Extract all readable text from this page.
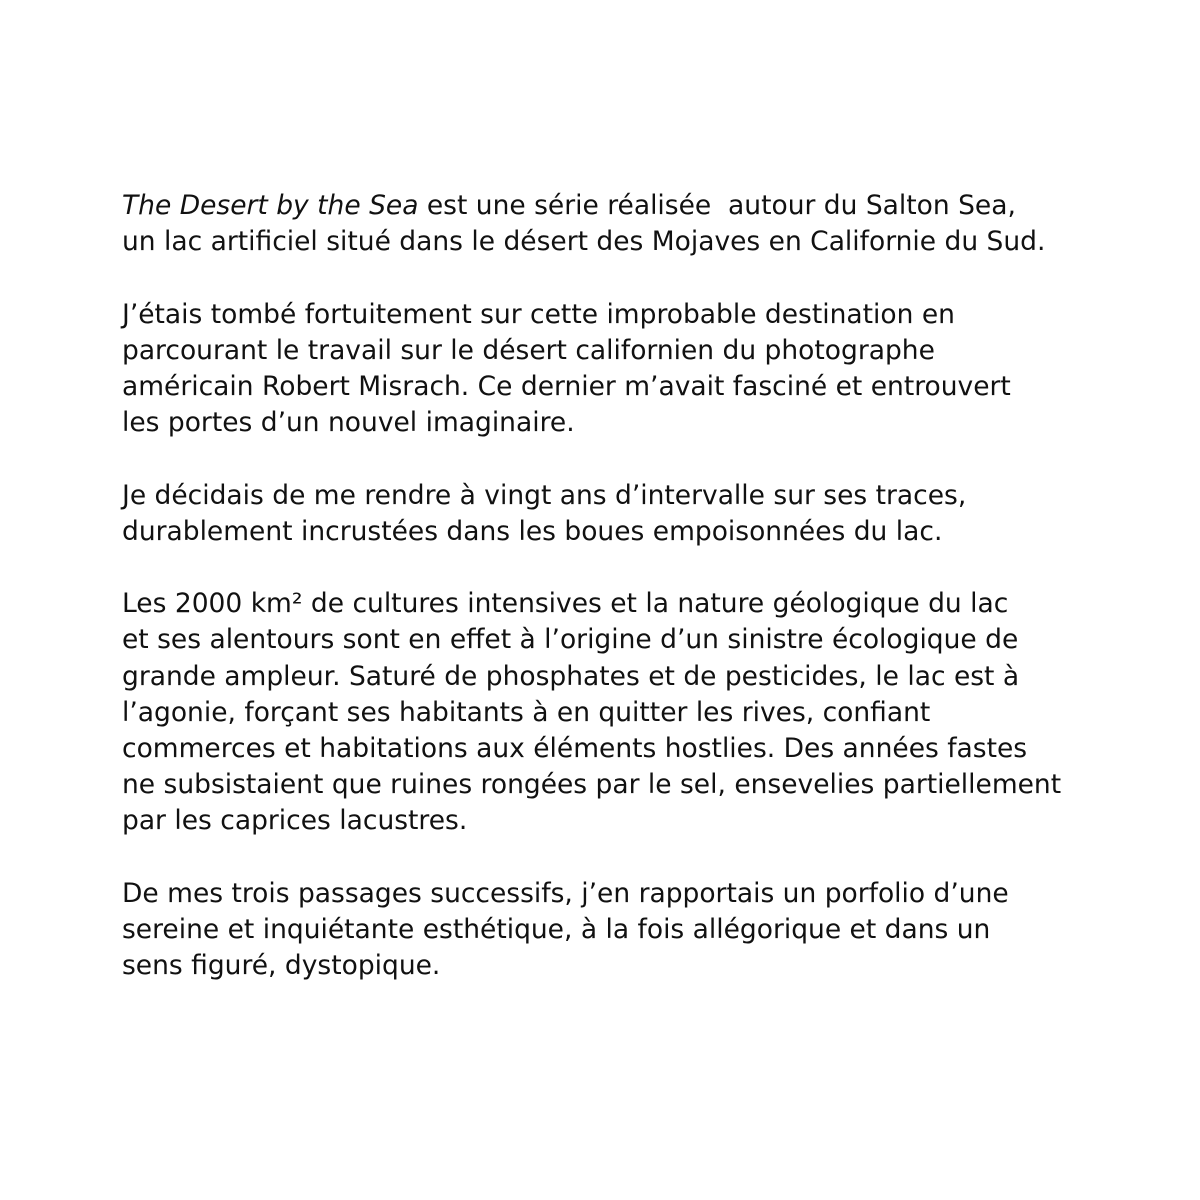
The Desert by the Sea est une série réalisée  autour du Salton Sea,
un lac artificiel situé dans le désert des Mojaves en Californie du Sud.
J’étais tombé fortuitement sur cette improbable destination en
parcourant le travail sur le désert californien du photographe
américain Robert Misrach. Ce dernier m’avait fasciné et entrouvert
les portes d’un nouvel imaginaire.
Je décidais de me rendre à vingt ans d’intervalle sur ses traces,
durablement incrustées dans les boues empoisonnées du lac.
Les 2000 km² de cultures intensives et la nature géologique du lac
et ses alentours sont en effet à l’origine d’un sinistre écologique de
grande ampleur. Saturé de phosphates et de pesticides, le lac est à
l’agonie, forçant ses habitants à en quitter les rives, confiant
commerces et habitations aux éléments hostlies. Des années fastes
ne subsistaient que ruines rongées par le sel, ensevelies partiellement
par les caprices lacustres.
De mes trois passages successifs, j’en rapportais un porfolio d’une
sereine et inquiétante esthétique, à la fois allégorique et dans un
sens figuré, dystopique.
